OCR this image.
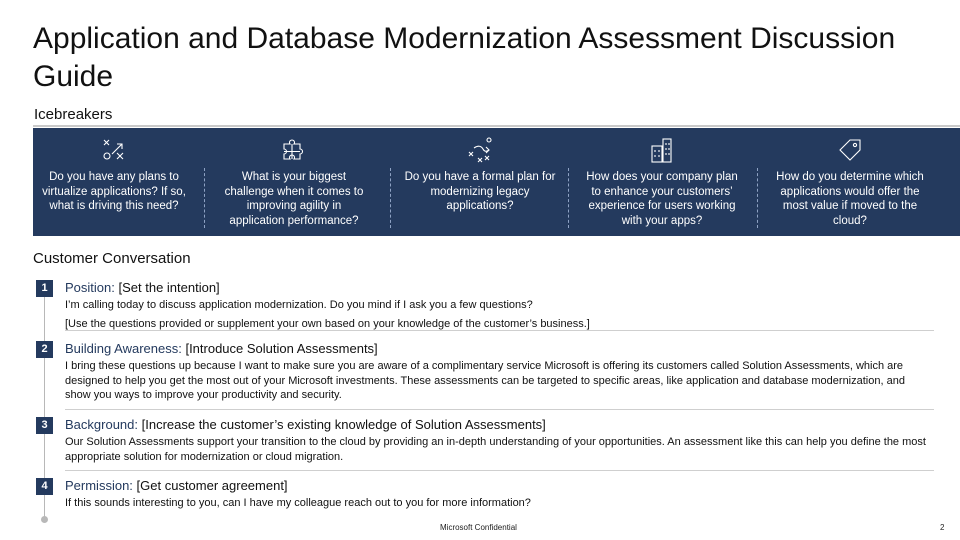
Application and Database Modernization Assessment Discussion Guide
Icebreakers
Do you have any plans to virtualize applications? If so, what is driving this need?
What is your biggest challenge when it comes to improving agility in application performance?
Do you have a formal plan for modernizing legacy applications?
How does your company plan to enhance your customers’ experience for users working with your apps?
How do you determine which applications would offer the most value if moved to the cloud?
Customer Conversation
1	Position: [Set the intention]
I’m calling today to discuss application modernization. Do you mind if I ask you a few questions?
[Use the questions provided or supplement your own based on your knowledge of the customer’s business.]
2	Building Awareness: [Introduce Solution Assessments]
I bring these questions up because I want to make sure you are aware of a complimentary service Microsoft is offering its customers called Solution Assessments, which are designed to help you get the most out of your Microsoft investments. These assessments can be targeted to specific areas, like application and database modernization, and show you ways to improve your productivity and security.
3	Background: [Increase the customer’s existing knowledge of Solution Assessments]
Our Solution Assessments support your transition to the cloud by providing an in-depth understanding of your opportunities. An assessment like this can help you define the most appropriate solution for modernization or cloud migration.
4	Permission: [Get customer agreement]
If this sounds interesting to you, can I have my colleague reach out to you for more information?
Microsoft Confidential	2
